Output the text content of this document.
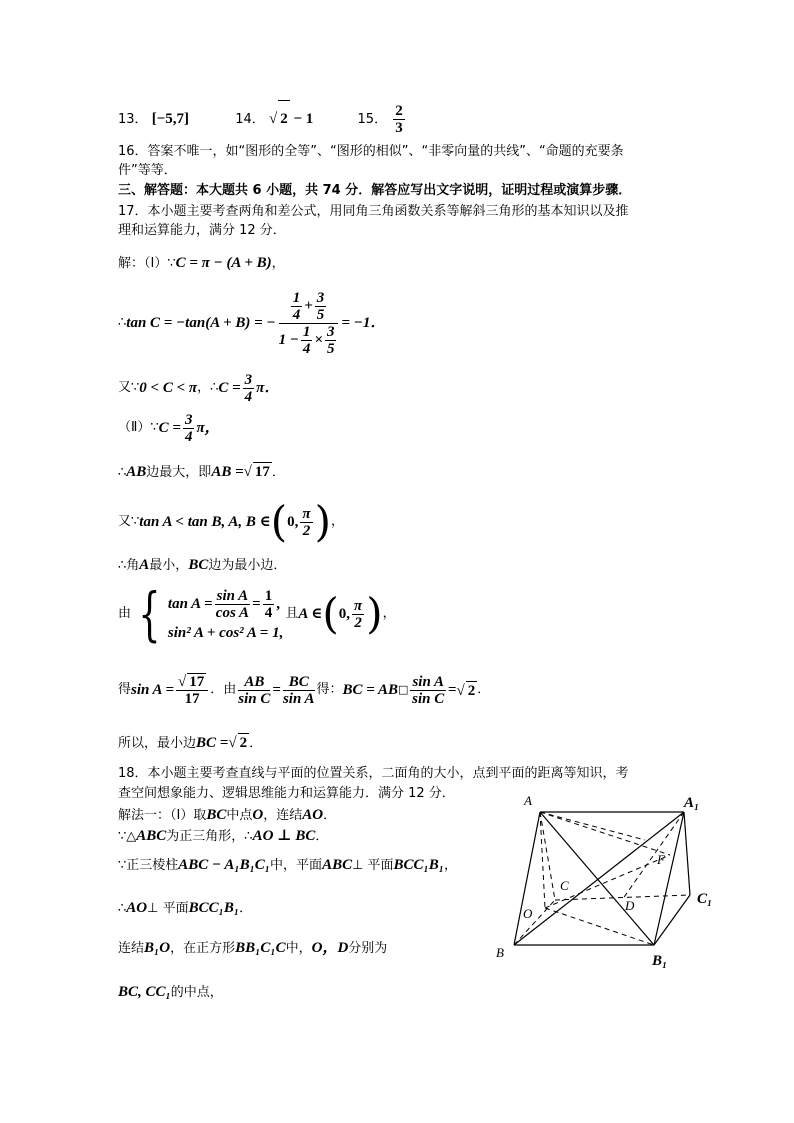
13． [−5,7]	14． √ 2 − 1	15． $\frac{2}{3}$
16．答案不唯一，如“图形的全等”、“图形的相似”、“非零向量的共线”、“命题的充要条
件”等等．
三、解答题：本大题共 6 小题，共 74 分．解答应写出文字说明，证明过程或演算步骤．
17．本小题主要考查两角和差公式，用同角三角函数关系等解斜三角形的基本知识以及推
理和运算能力，满分 12 分．
解：（Ⅰ）∵C = π − (A + B)，
∴ tan C = −tan(A + B) = − $\frac{\frac{1}{4} + \frac{3}{5}}{1 - \frac{1}{4} \times \frac{3}{5}} = -1$．
又∵ 0 < C < π ，∴ $C = \frac{3}{4}$ π．
（Ⅱ）∵ $C = \frac{3}{4}$ π，
∴AB边最大，即AB =√ 17 ．
又∵ tan A < tan B, A, B ∈ ( 0, $\frac{\pi}{2}$ ) ，
∴角A最小，BC边为最小边．
由 { $\tan A = \frac{\text{sin A}}{\text{cos A}} = \frac{1}{4}$ ,
sin² A + cos² A = 1,
且 A ∈ ( 0, $\frac{\pi}{2}$ ) ，
得 $\sin A = \frac{√ 17}{17}$ ．由 $\frac{AB}{\text{sin C}} = \frac{BC}{\text{sin A}}$ 得： BC = AB □ $\frac{\text{sin A}}{\text{sin C}}$ = √ 2 ．
所以，最小边BC =√ 2 ．
18．本小题主要考查直线与平面的位置关系，二面角的大小，点到平面的距离等知识，考
查空间想象能力、逻辑思维能力和运算能力．满分 12 分．
解法一：（Ⅰ）取BC中点O，连结AO．
∵△ABC为正三角形，∴AO ⊥ BC．
∵正三棱柱ABC − A₁B₁C₁中，平面ABC⊥ 平面BCC₁B₁，
∴AO⊥ 平面BCC₁B₁．
连结B₁O，在正方形BB₁C₁C中，O，D分别为
BC, CC₁的中点，
A	A₁
B
B₁
C
C₁
D
F
O
